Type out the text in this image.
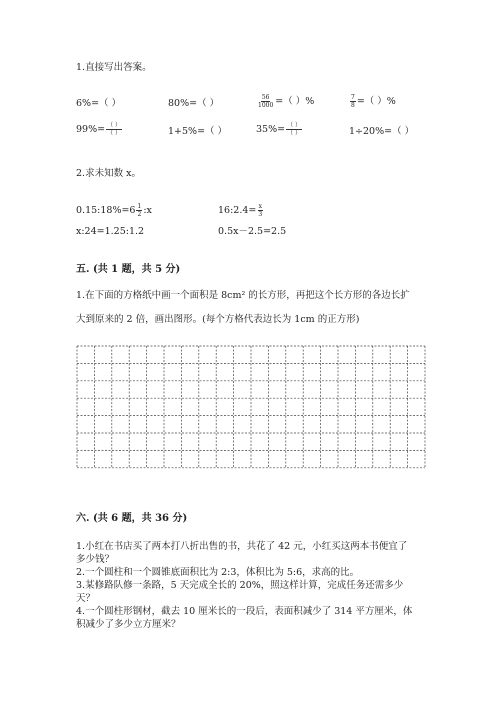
1.直接写出答案。
6%=（ ）	80%=（ ）	$\frac{56}{1000}$ =（ ）%	$\frac{7}{8}$ =（ ）%
$99\%= \frac{( )}{( )}$	1+5%=（ ）	$35\%= \frac{( )}{( )}$	1÷20%=（ ）
2.求未知数 x。
0.15:18%=6 $\frac{1}{2}$ :x	16:2.4= $\frac{x}{3}$
x:24=1.25:1.2	0.5x－2.5=2.5
五. (共 1 题，共 5 分)
1.在下面的方格纸中画一个面积是 8cm² 的长方形，再把这个长方形的各边长扩
大到原来的 2 倍，画出图形。(每个方格代表边长为 1cm 的正方形)
六. (共 6 题，共 36 分)
1.小红在书店买了两本打八折出售的书，共花了 42 元，小红买这两本书便宜了
多少钱？
2.一个圆柱和一个圆锥底面积比为 2:3，体积比为 5:6，求高的比。
3.某修路队修一条路，5 天完成全长的 20%，照这样计算，完成任务还需多少
天？
4.一个圆柱形钢材，截去 10 厘米长的一段后，表面积减少了 314 平方厘米，体
积减少了多少立方厘米？
